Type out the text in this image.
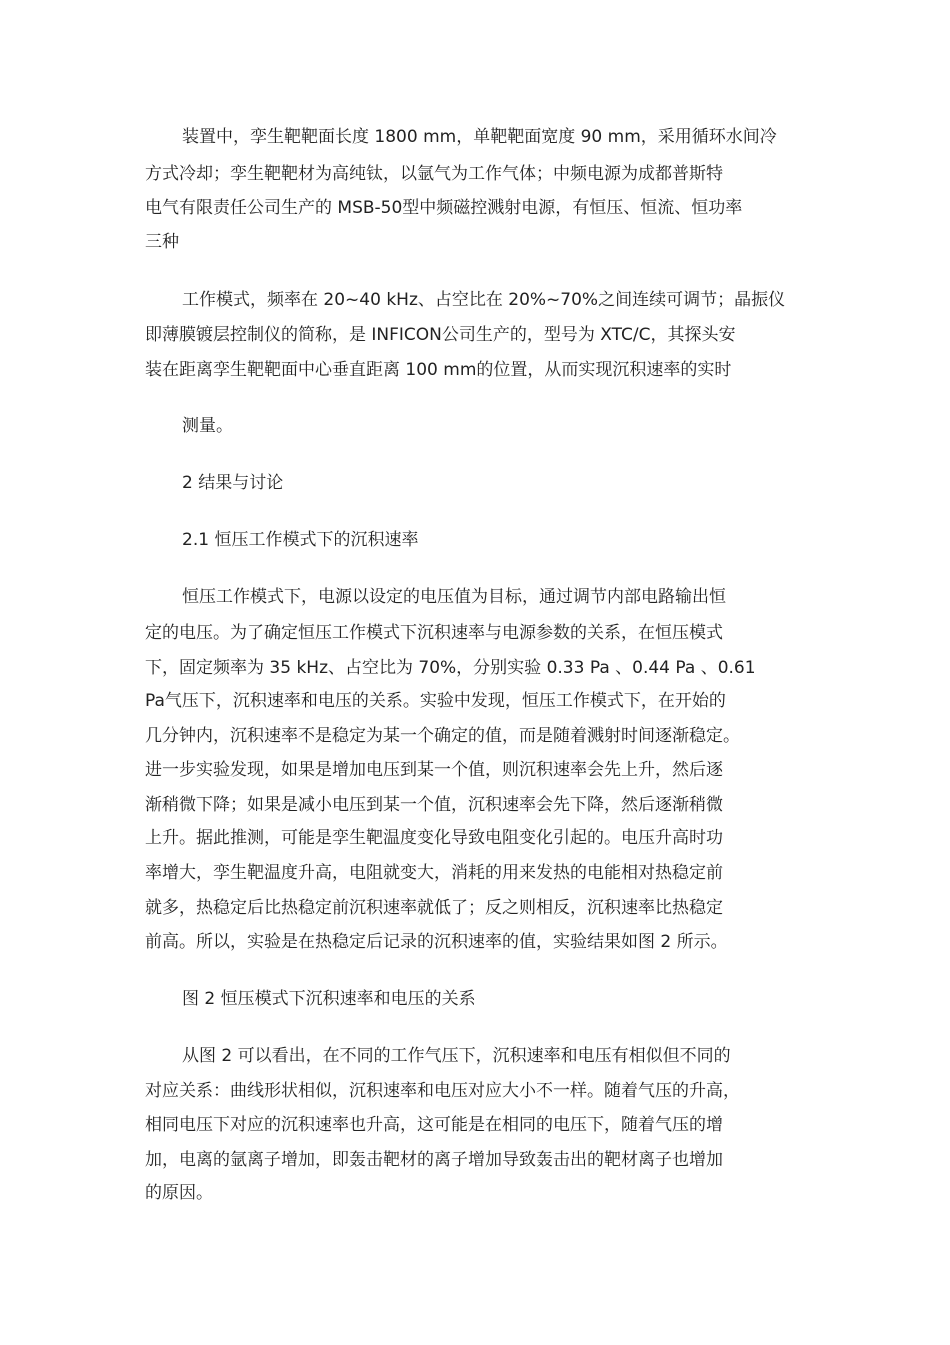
装置中，孪生靶靶面长度 1800 mm，单靶靶面宽度 90 mm，采用循环水间冷
方式冷却；孪生靶靶材为高纯钛，以氩气为工作气体；中频电源为成都普斯特
电气有限责任公司生产的 MSB-50型中频磁控溅射电源，有恒压、恒流、恒功率
三种
工作模式，频率在 20~40 kHz、占空比在 20%~70%之间连续可调节；晶振仪
即薄膜镀层控制仪的简称，是 INFICON公司生产的，型号为 XTC/C，其探头安
装在距离孪生靶靶面中心垂直距离 100 mm的位置，从而实现沉积速率的实时
测量。
2 结果与讨论
2.1 恒压工作模式下的沉积速率
恒压工作模式下，电源以设定的电压值为目标，通过调节内部电路输出恒
定的电压。为了确定恒压工作模式下沉积速率与电源参数的关系，在恒压模式
下，固定频率为 35 kHz、占空比为 70%，分别实验 0.33 Pa 、0.44 Pa 、0.61
Pa气压下，沉积速率和电压的关系。实验中发现，恒压工作模式下，在开始的
几分钟内，沉积速率不是稳定为某一个确定的值，而是随着溅射时间逐渐稳定。
进一步实验发现，如果是增加电压到某一个值，则沉积速率会先上升，然后逐
渐稍微下降；如果是减小电压到某一个值，沉积速率会先下降，然后逐渐稍微
上升。据此推测，可能是孪生靶温度变化导致电阻变化引起的。电压升高时功
率增大，孪生靶温度升高，电阻就变大，消耗的用来发热的电能相对热稳定前
就多，热稳定后比热稳定前沉积速率就低了；反之则相反，沉积速率比热稳定
前高。所以，实验是在热稳定后记录的沉积速率的值，实验结果如图 2 所示。
图 2 恒压模式下沉积速率和电压的关系
从图 2 可以看出，在不同的工作气压下，沉积速率和电压有相似但不同的
对应关系：曲线形状相似，沉积速率和电压对应大小不一样。随着气压的升高，
相同电压下对应的沉积速率也升高，这可能是在相同的电压下，随着气压的增
加，电离的氩离子增加，即轰击靶材的离子增加导致轰击出的靶材离子也增加
的原因。
